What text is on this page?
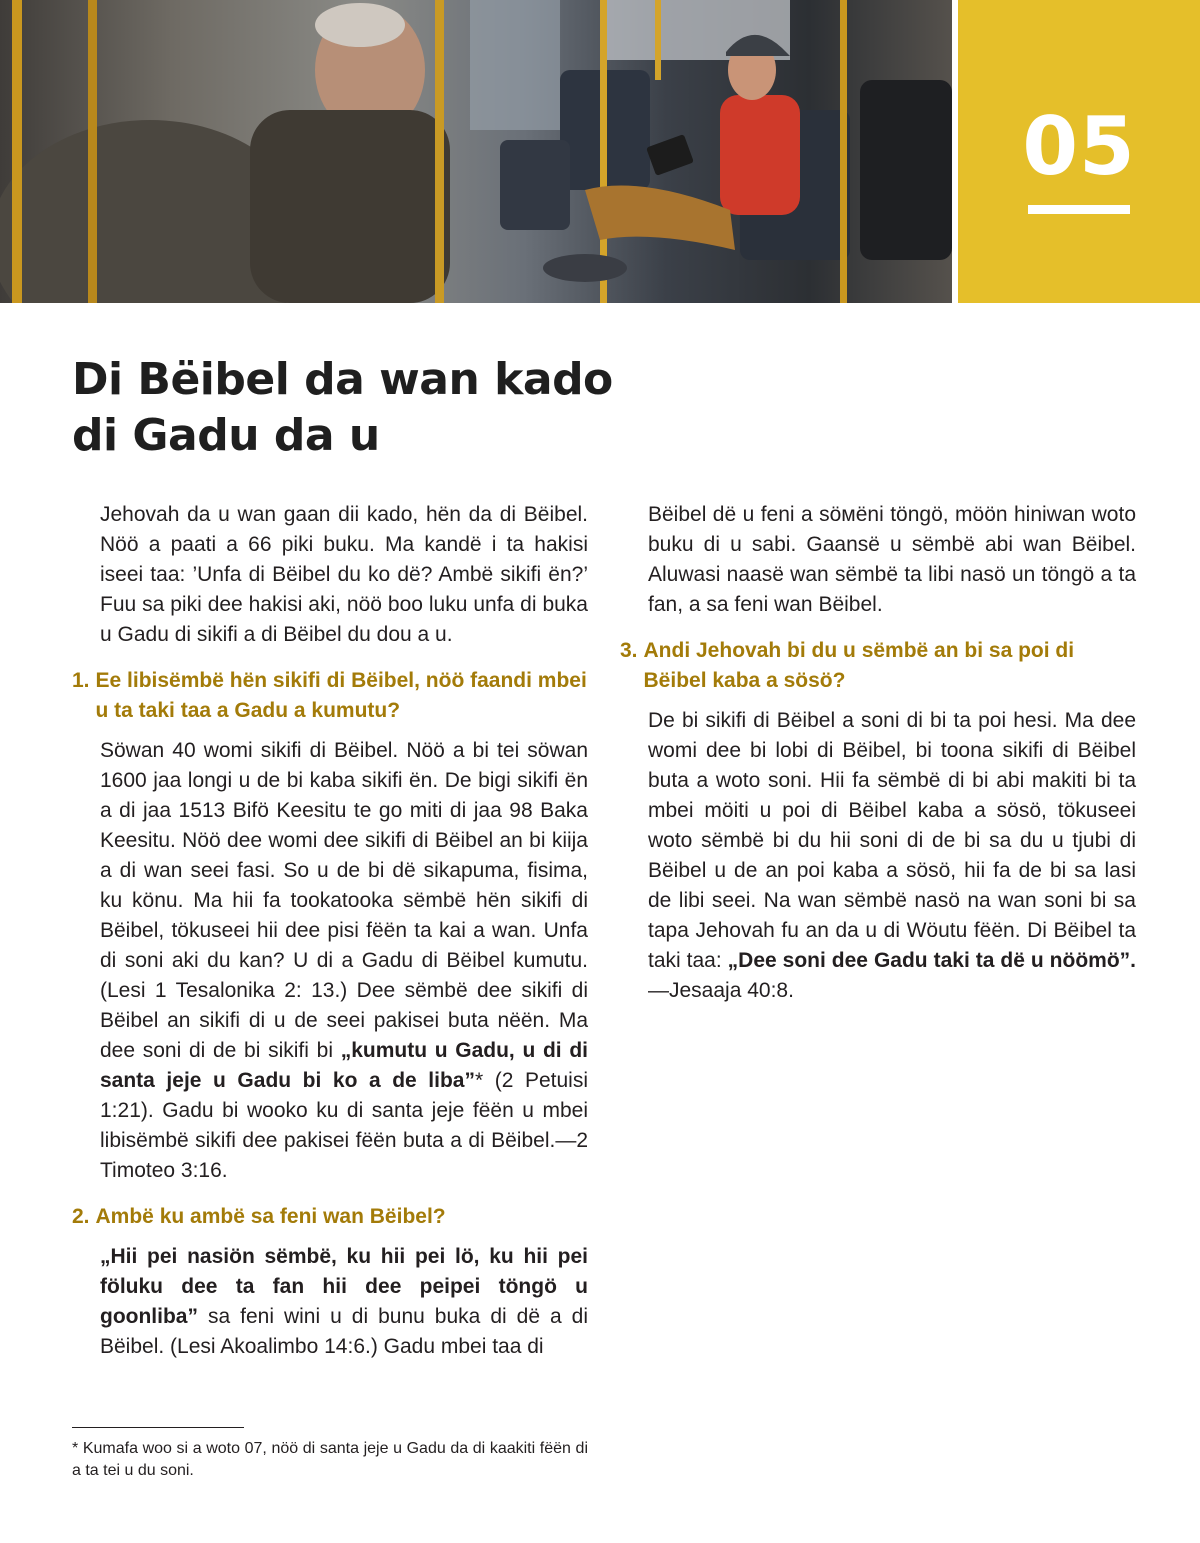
05
Di Bëibel da wan kado
di Gadu da u

Jehovah da u wan gaan dii kado, hën da di Bëibel. Nöö a paati a 66 piki buku. Ma kandë i ta hakisi iseei taa: ’Unfa di Bëibel du ko dë? Ambë sikifi ën?’ Fuu sa piki dee hakisi aki, nöö boo luku unfa di buka u Gadu di sikifi a di Bëibel du dou a u.

1. Ee libisëmbë hën sikifi di Bëibel, nöö faandi mbei u ta taki taa a Gadu a kumutu?

Söwan 40 womi sikifi di Bëibel. Nöö a bi tei söwan 1600 jaa longi u de bi kaba sikifi ën. De bigi sikifi ën a di jaa 1513 Bifö Keesitu te go miti di jaa 98 Baka Keesitu. Nöö dee womi dee sikifi di Bëibel an bi kiija a di wan seei fasi. So u de bi dë sikapuma, fisima, ku könu. Ma hii fa tookatooka sëmbë hën sikifi di Bëibel, tökuseei hii dee pisi fëën ta kai a wan. Unfa di soni aki du kan? U di a Gadu di Bëibel kumutu. (Lesi 1 Tesalonika 2: 13.) Dee sëmbë dee sikifi di Bëibel an sikifi di u de seei pakisei buta nëën. Ma dee soni di de bi sikifi bi „kumutu u Gadu, u di di santa jeje u Gadu bi ko a de liba”* (2 Petuisi 1:21). Gadu bi wooko ku di santa jeje fëën u mbei libisëmbë sikifi dee pakisei fëën buta a di Bëibel.—2 Timoteo 3:16.

2. Ambë ku ambë sa feni wan Bëibel?

„Hii pei nasiön sëmbë, ku hii pei lö, ku hii pei föluku dee ta fan hii dee peipei töngö u goonliba” sa feni wini u di bunu buka di dë a di Bëibel. (Lesi Akoalimbo 14:6.) Gadu mbei taa di

Bëibel dë u feni a söмëni töngö, möön hiniwan woto buku di u sabi. Gaansë u sëmbë abi wan Bëibel. Aluwasi naasë wan sëmbë ta libi nasö un töngö a ta fan, a sa feni wan Bëibel.

3. Andi Jehovah bi du u sëmbë an bi sa poi di Bëibel kaba a sösö?

De bi sikifi di Bëibel a soni di bi ta poi hesi. Ma dee womi dee bi lobi di Bëibel, bi toona sikifi di Bëibel buta a woto soni. Hii fa sëmbë di bi abi makiti bi ta mbei möiti u poi di Bëibel kaba a sösö, tökuseei woto sëmbë bi du hii soni di de bi sa du u tjubi di Bëibel u de an poi kaba a sösö, hii fa de bi sa lasi de libi seei. Na wan sëmbë nasö na wan soni bi sa tapa Jehovah fu an da u di Wöutu fëën. Di Bëibel ta taki taa: „Dee soni dee Gadu taki ta dë u nöömö”.—Jesaaja 40:8.

* Kumafa woo si a woto 07, nöö di santa jeje u Gadu da di kaakiti fëën di a ta tei u du soni.
